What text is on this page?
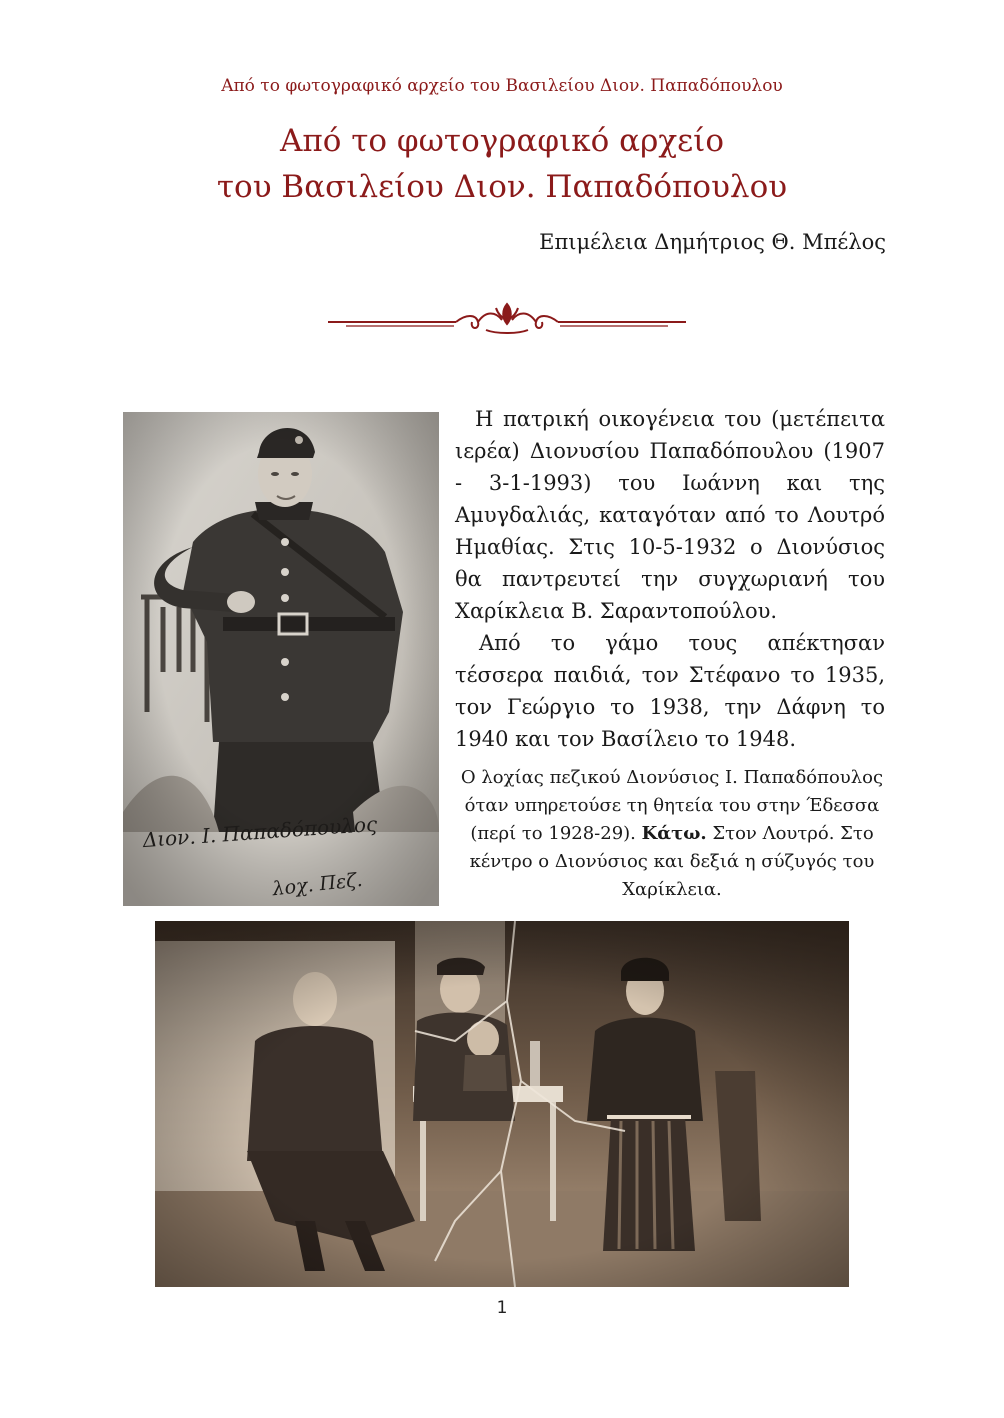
Από το φωτογραφικό αρχείο του Βασιλείου Διον. Παπαδόπουλου
Από το φωτογραφικό αρχείο
του Βασιλείου Διον. Παπαδόπουλου
Επιμέλεια Δημήτριος Θ. Μπέλος
Διον. Ι. Παπαδόπουλος
λοχ. Πεζ.

Η πατρική οικογένεια του (μετέπειτα ιερέα) Διονυσίου Παπαδόπουλου (1907 - 3-1-1993) του Ιωάννη και της Αμυγδαλιάς, καταγόταν από το Λουτρό Ημαθίας. Στις 10-5-1932 ο Διονύσιος θα παντρευτεί την συγχωριανή του Χαρίκλεια Β. Σαραντοπούλου.

Από το γάμο τους απέκτησαν τέσσερα παιδιά, τον Στέφανο το 1935, τον Γεώργιο το 1938, την Δάφνη το 1940 και τον Βασίλειο το 1948.

Ο λοχίας πεζικού Διονύσιος Ι. Παπαδόπουλος όταν υπηρετούσε τη θητεία του στην Έδεσσα (περί το 1928-29). Κάτω. Στον Λουτρό. Στο κέντρο ο Διονύσιος και δεξιά η σύζυγός του Χαρίκλεια.
1
